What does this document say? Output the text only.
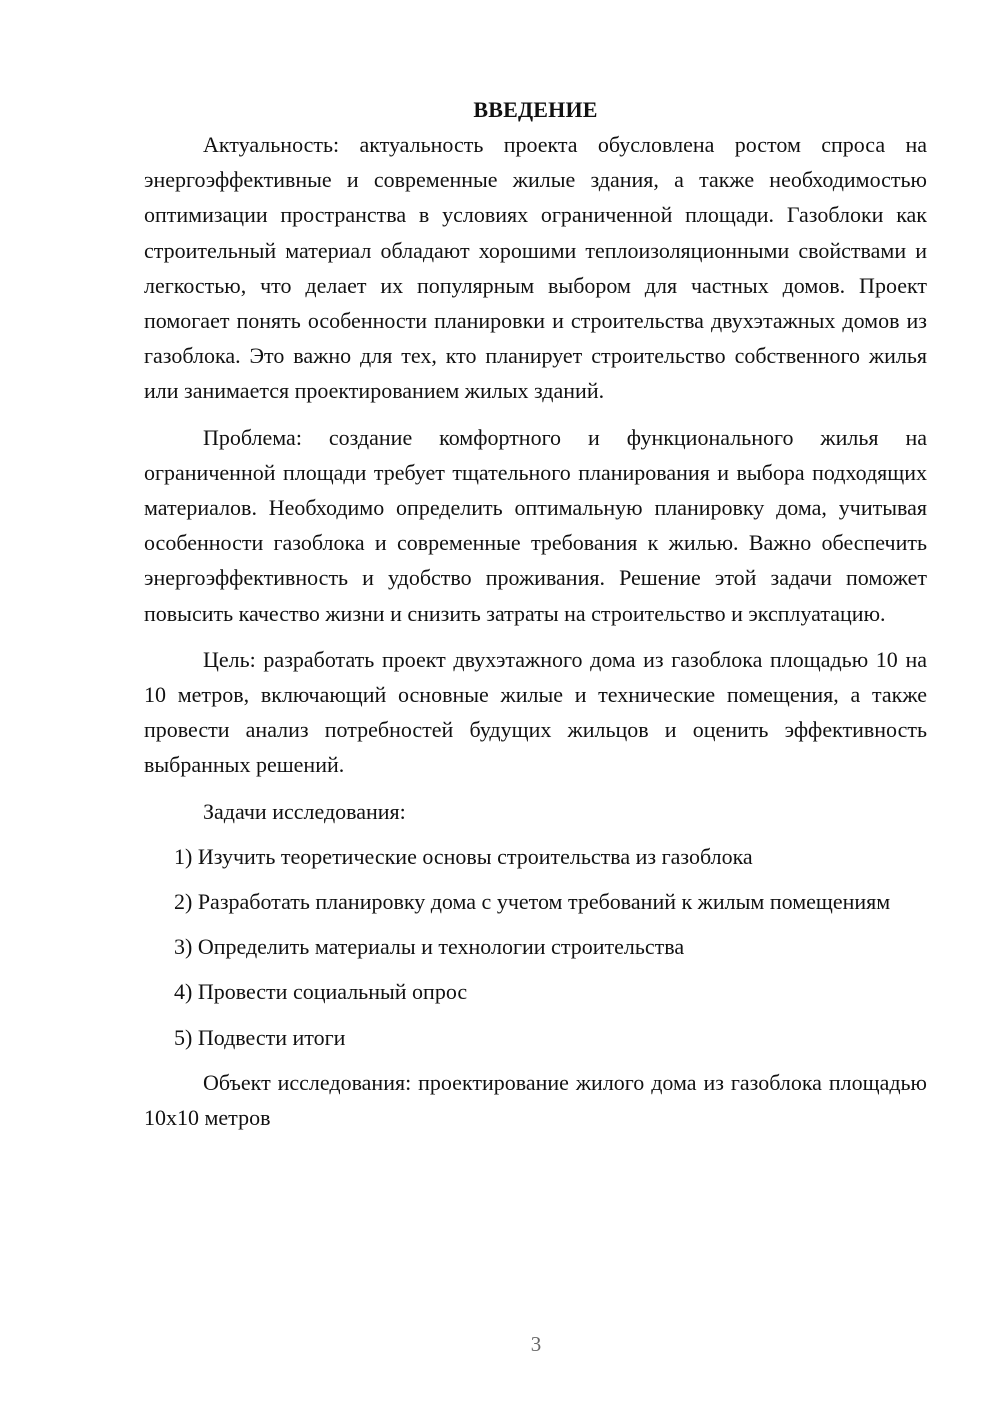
ВВЕДЕНИЕ

Актуальность: актуальность проекта обусловлена ростом спроса на энергоэффективные и современные жилые здания, а также необходимостью оптимизации пространства в условиях ограниченной площади. Газоблоки как строительный материал обладают хорошими теплоизоляционными свойствами и легкостью, что делает их популярным выбором для частных домов. Проект помогает понять особенности планировки и строительства двухэтажных домов из газоблока. Это важно для тех, кто планирует строительство собственного жилья или занимается проектированием жилых зданий.

Проблема: создание комфортного и функционального жилья на ограниченной площади требует тщательного планирования и выбора подходящих материалов. Необходимо определить оптимальную планировку дома, учитывая особенности газоблока и современные требования к жилью. Важно обеспечить энергоэффективность и удобство проживания. Решение этой задачи поможет повысить качество жизни и снизить затраты на строительство и эксплуатацию.

Цель: разработать проект двухэтажного дома из газоблока площадью 10 на 10 метров, включающий основные жилые и технические помещения, а также провести анализ потребностей будущих жильцов и оценить эффективность выбранных решений.

Задачи исследования:

1) Изучить теоретические основы строительства из газоблока

2) Разработать планировку дома с учетом требований к жилым помещениям

3) Определить материалы и технологии строительства

4) Провести социальный опрос

5) Подвести итоги

Объект исследования: проектирование жилого дома из газоблока площадью 10х10 метров

3
